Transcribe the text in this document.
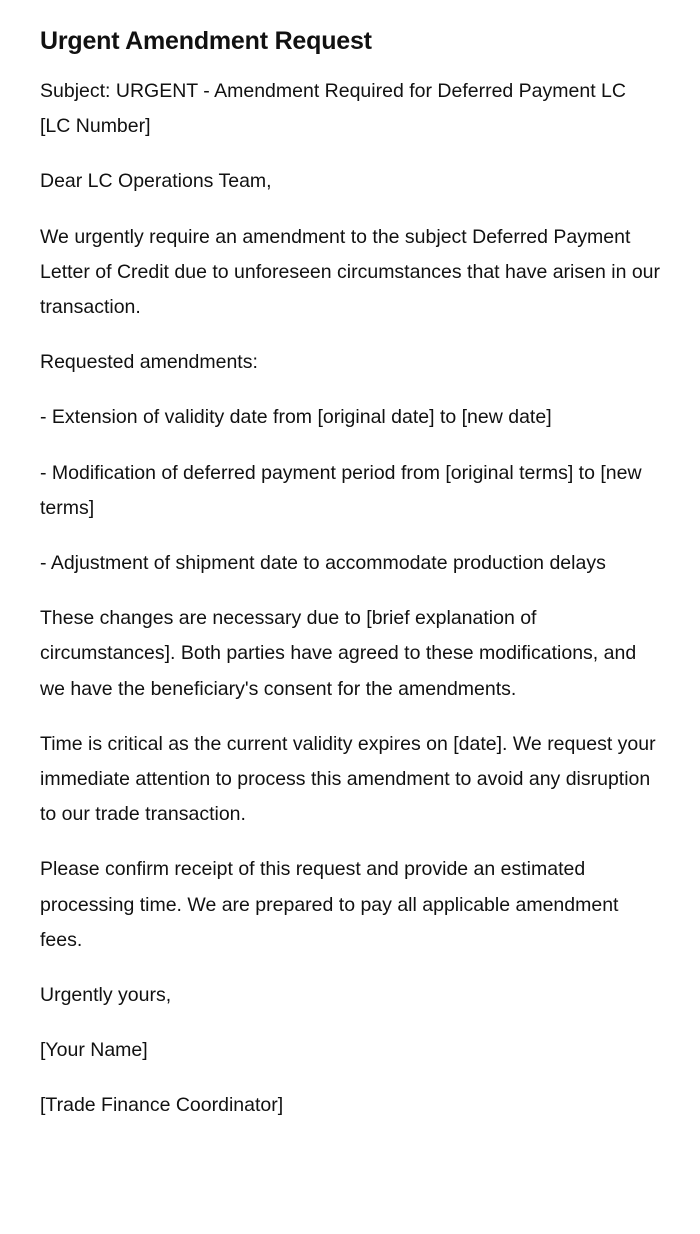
Urgent Amendment Request

Subject: URGENT - Amendment Required for Deferred Payment LC [LC Number]

Dear LC Operations Team,

We urgently require an amendment to the subject Deferred Payment Letter of Credit due to unforeseen circumstances that have arisen in our transaction.

Requested amendments:

- Extension of validity date from [original date] to [new date]

- Modification of deferred payment period from [original terms] to [new terms]

- Adjustment of shipment date to accommodate production delays

These changes are necessary due to [brief explanation of circumstances]. Both parties have agreed to these modifications, and we have the beneficiary's consent for the amendments.

Time is critical as the current validity expires on [date]. We request your immediate attention to process this amendment to avoid any disruption to our trade transaction.

Please confirm receipt of this request and provide an estimated processing time. We are prepared to pay all applicable amendment fees.

Urgently yours,

[Your Name]

[Trade Finance Coordinator]
